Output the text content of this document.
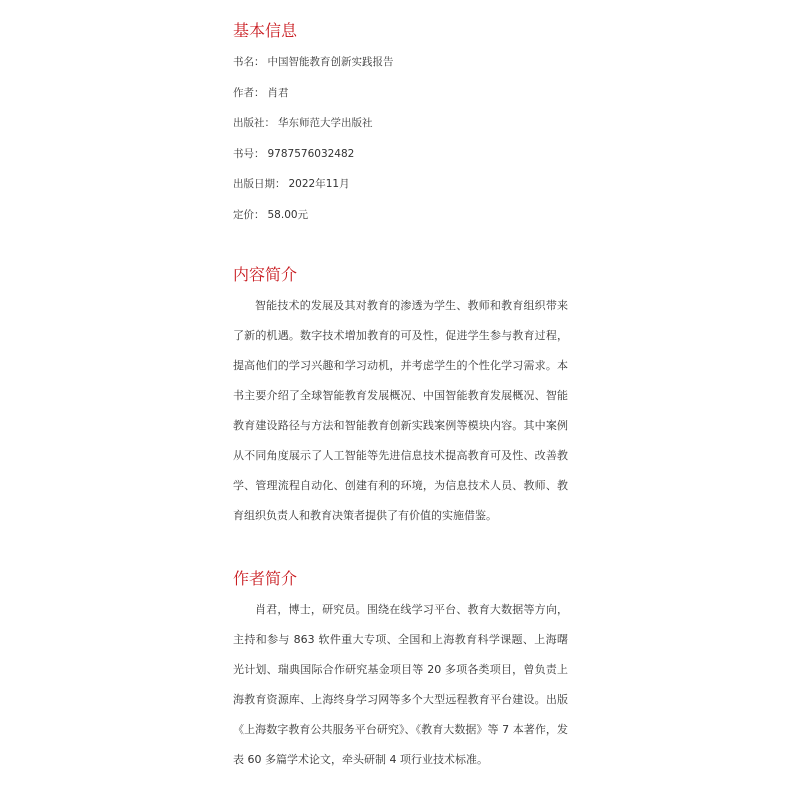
基本信息
书名： 中国智能教育创新实践报告
作者： 肖君
出版社： 华东师范大学出版社
书号： 9787576032482
出版日期： 2022年11月
定价： 58.00元
内容简介

智能技术的发展及其对教育的渗透为学生、教师和教育组织带来了新的机遇。数字技术增加教育的可及性，促进学生参与教育过程，提高他们的学习兴趣和学习动机，并考虑学生的个性化学习需求。本书主要介绍了全球智能教育发展概况、中国智能教育发展概况、智能教育建设路径与方法和智能教育创新实践案例等模块内容。其中案例从不同角度展示了人工智能等先进信息技术提高教育可及性、改善教学、管理流程自动化、创建有利的环境，为信息技术人员、教师、教育组织负责人和教育决策者提供了有价值的实施借鉴。

作者简介

肖君，博士，研究员。围绕在线学习平台、教育大数据等方向，主持和参与 863 软件重大专项、全国和上海教育科学课题、上海曙光计划、瑞典国际合作研究基金项目等 20 多项各类项目，曾负责上海教育资源库、上海终身学习网等多个大型远程教育平台建设。出版《上海数字教育公共服务平台研究》、《教育大数据》等 7 本著作，发表 60 多篇学术论文，牵头研制 4 项行业技术标准。
